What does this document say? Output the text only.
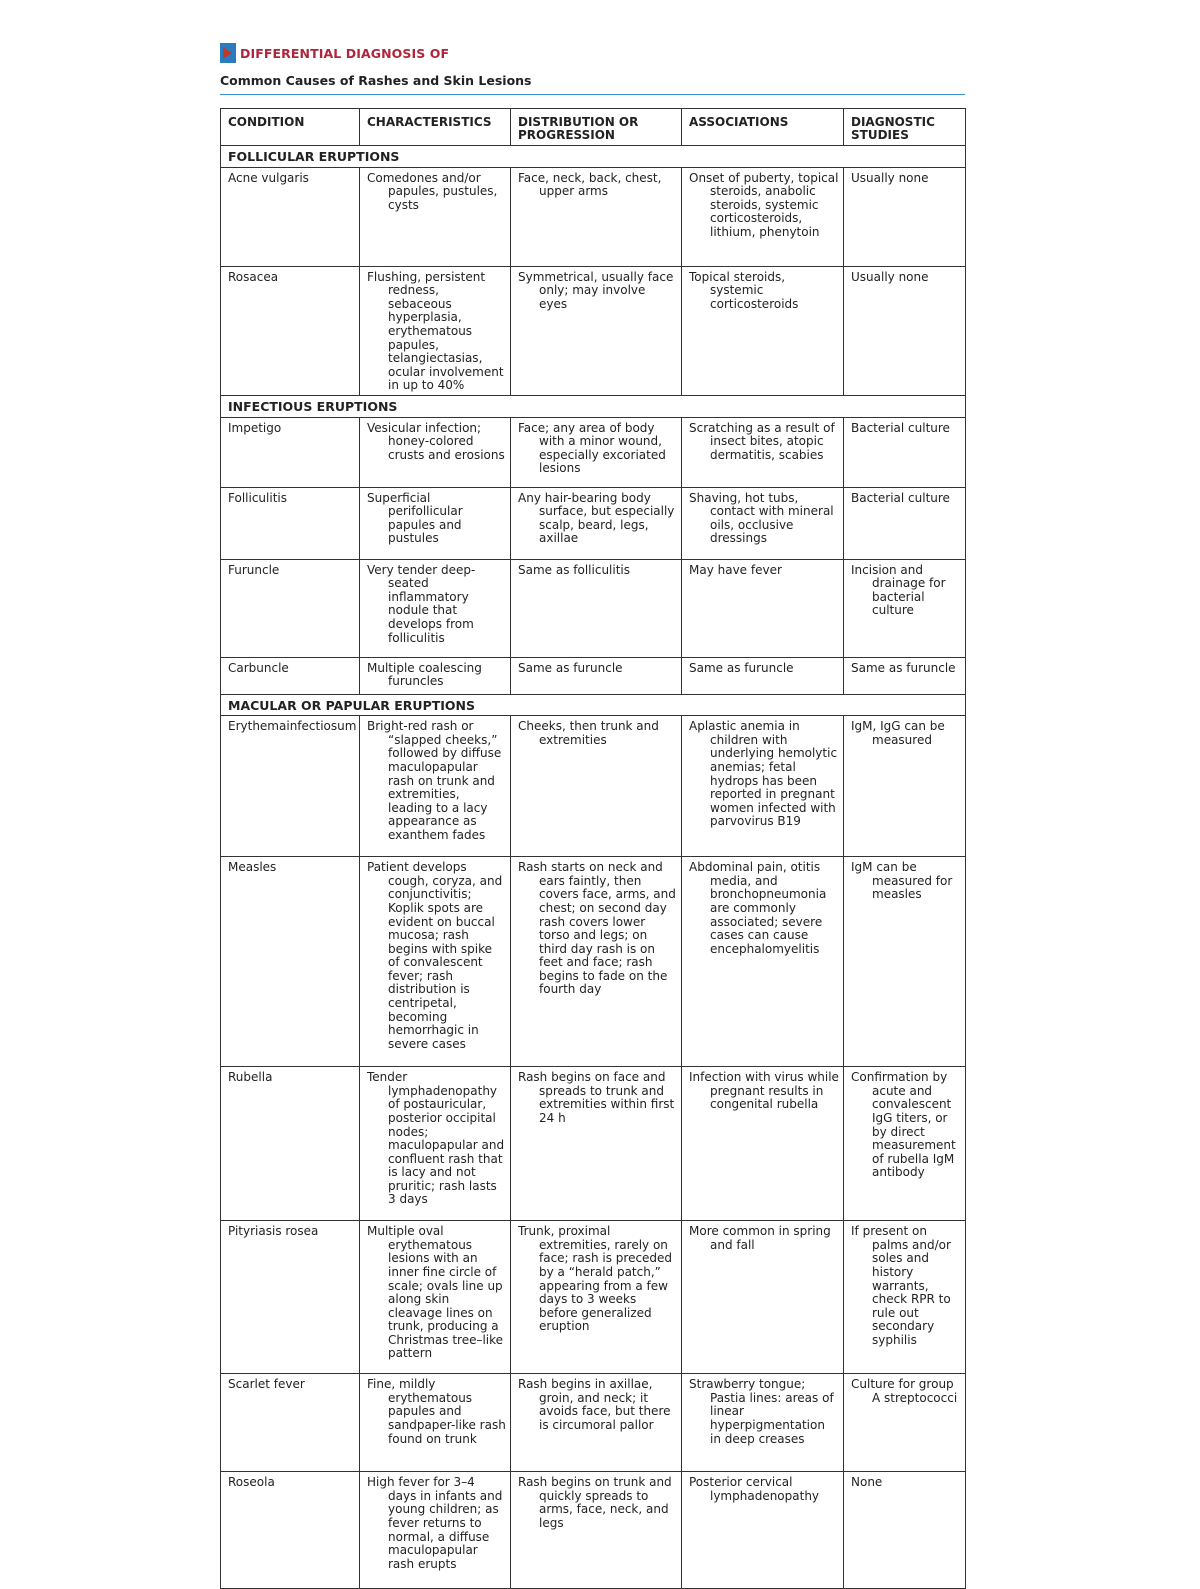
DIFFERENTIAL DIAGNOSIS OF
Common Causes of Rashes and Skin Lesions
CONDITION	CHARACTERISTICS	DISTRIBUTION OR PROGRESSION	ASSOCIATIONS	DIAGNOSTIC STUDIES
FOLLICULAR ERUPTIONS				

Acne vulgaris	Comedones and/or papules, pustules, cysts	Face, neck, back, chest, upper arms	Onset of puberty, topical steroids, anabolic steroids, systemic corticosteroids, lithium, phenytoin	Usually none

Rosacea	Flushing, persistent redness, sebaceous hyperplasia, erythematous papules, telangiectasias, ocular involvement in up to 40%	Symmetrical, usually face only; may involve eyes	Topical steroids, systemic corticosteroids	Usually none

INFECTIOUS ERUPTIONS				

Impetigo	Vesicular infection; honey-colored crusts and erosions	Face; any area of body with a minor wound, especially excoriated lesions	Scratching as a result of insect bites, atopic dermatitis, scabies	Bacterial culture

Folliculitis	Superficial perifollicular papules and pustules	Any hair-bearing body surface, but especially scalp, beard, legs, axillae	Shaving, hot tubs, contact with mineral oils, occlusive dressings	Bacterial culture

Furuncle	Very tender deep-seated inflammatory nodule that develops from folliculitis	Same as folliculitis	May have fever	Incision and drainage for bacterial culture

Carbuncle	Multiple coalescing furuncles	Same as furuncle	Same as furuncle	Same as furuncle

MACULAR OR PAPULAR ERUPTIONS				

Erythemainfectiosum	Bright-red rash or “slapped cheeks,” followed by diffuse maculopapular rash on trunk and extremities, leading to a lacy appearance as exanthem fades	Cheeks, then trunk and extremities	Aplastic anemia in children with underlying hemolytic anemias; fetal hydrops has been reported in pregnant women infected with parvovirus B19	IgM, IgG can be measured

Measles	Patient develops cough, coryza, and conjunctivitis; Koplik spots are evident on buccal mucosa; rash begins with spike of convalescent fever; rash distribution is centripetal, becoming hemorrhagic in severe cases	Rash starts on neck and ears faintly, then covers face, arms, and chest; on second day rash covers lower torso and legs; on third day rash is on feet and face; rash begins to fade on the fourth day	Abdominal pain, otitis media, and bronchopneumonia are commonly associated; severe cases can cause encephalomyelitis	IgM can be measured for measles

Rubella	Tender lymphadenopathy of postauricular, posterior occipital nodes; maculopapular and confluent rash that is lacy and not pruritic; rash lasts 3 days	Rash begins on face and spreads to trunk and extremities within first 24 h	Infection with virus while pregnant results in congenital rubella	Confirmation by acute and convalescent IgG titers, or by direct measurement of rubella IgM antibody

Pityriasis rosea	Multiple oval erythematous lesions with an inner fine circle of scale; ovals line up along skin cleavage lines on trunk, producing a Christmas tree–like pattern	Trunk, proximal extremities, rarely on face; rash is preceded by a “herald patch,” appearing from a few days to 3 weeks before generalized eruption	More common in spring and fall	If present on palms and/or soles and history warrants, check RPR to rule out secondary syphilis

Scarlet fever	Fine, mildly erythematous papules and sandpaper-like rash found on trunk	Rash begins in axillae, groin, and neck; it avoids face, but there is circumoral pallor	Strawberry tongue; Pastia lines: areas of linear hyperpigmentation in deep creases	Culture for group A streptococci

Roseola	High fever for 3–4 days in infants and young children; as fever returns to normal, a diffuse maculopapular rash erupts	Rash begins on trunk and quickly spreads to arms, face, neck, and legs	Posterior cervical lymphadenopathy	None
